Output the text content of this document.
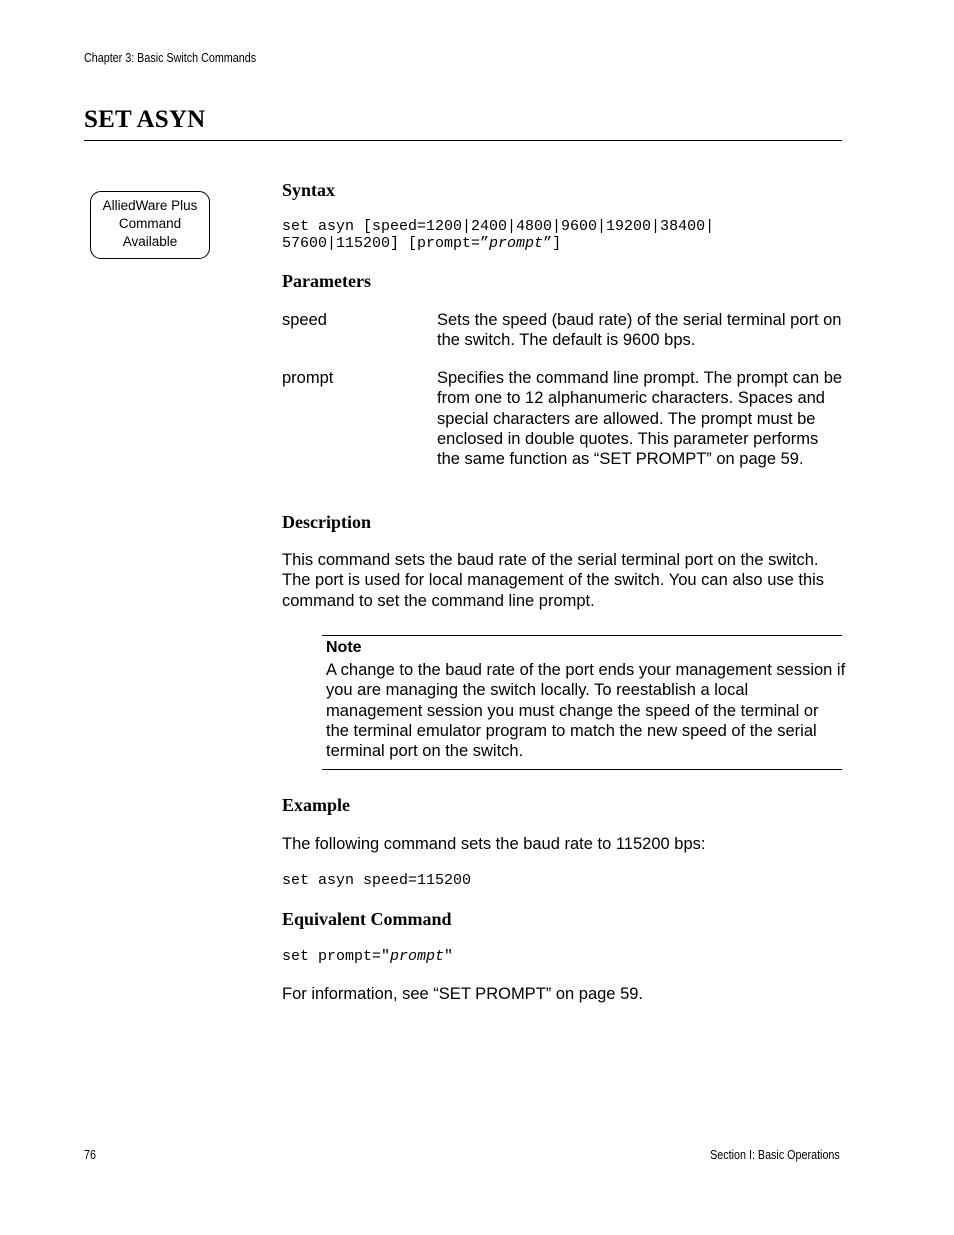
Chapter 3: Basic Switch Commands
SET ASYN
AlliedWare Plus
Command
Available
Syntax
set asyn [speed=1200|2400|4800|9600|19200|38400|
57600|115200] [prompt=”prompt”]
Parameters
speed	Sets the speed (baud rate) of the serial terminal port on the switch. The default is 9600 bps.
prompt	Specifies the command line prompt. The prompt can be from one to 12 alphanumeric characters. Spaces and special characters are allowed. The prompt must be enclosed in double quotes. This parameter performs the same function as “SET PROMPT” on page 59.
Description
This command sets the baud rate of the serial terminal port on the switch. The port is used for local management of the switch. You can also use this command to set the command line prompt.
Note
A change to the baud rate of the port ends your management session if you are managing the switch locally. To reestablish a local management session you must change the speed of the terminal or the terminal emulator program to match the new speed of the serial terminal port on the switch.
Example
The following command sets the baud rate to 115200 bps:
set asyn speed=115200
Equivalent Command
set prompt="prompt"
For information, see “SET PROMPT” on page 59.
76	Section I: Basic Operations
